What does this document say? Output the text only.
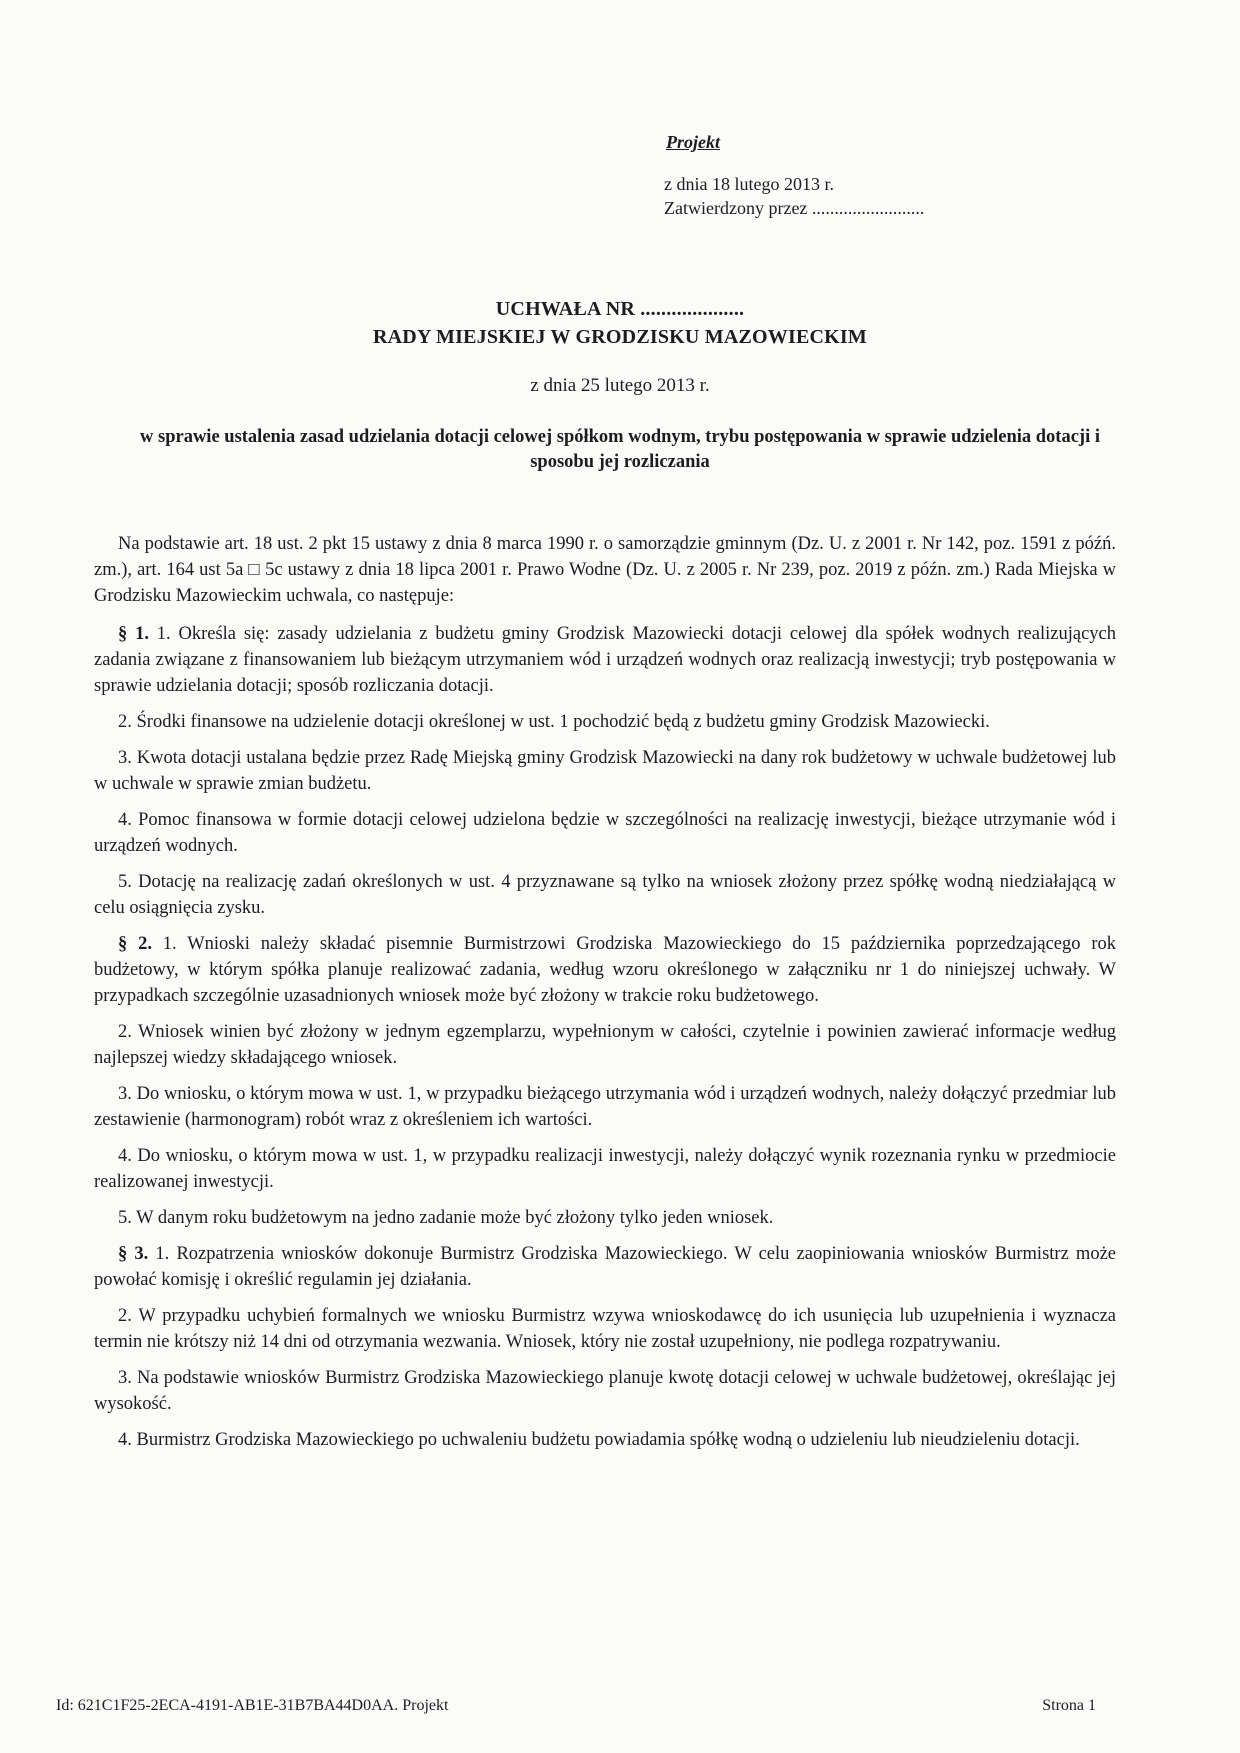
Projekt
z dnia 18 lutego 2013 r.
Zatwierdzony przez .........................
UCHWAŁA NR ....................
RADY MIEJSKIEJ W GRODZISKU MAZOWIECKIM
z dnia 25 lutego 2013 r.
w sprawie ustalenia zasad udzielania dotacji celowej spółkom wodnym, trybu postępowania w sprawie udzielenia dotacji i sposobu jej rozliczania

Na podstawie art. 18 ust. 2 pkt 15 ustawy z dnia 8 marca 1990 r. o samorządzie gminnym (Dz. U. z 2001 r. Nr 142, poz. 1591 z późń. zm.), art. 164 ust 5a □ 5c ustawy z dnia 18 lipca 2001 r. Prawo Wodne (Dz. U. z 2005 r. Nr 239, poz. 2019 z późn. zm.) Rada Miejska w Grodzisku Mazowieckim uchwala, co następuje:

§ 1. 1. Określa się: zasady udzielania z budżetu gminy Grodzisk Mazowiecki dotacji celowej dla spółek wodnych realizujących zadania związane z finansowaniem lub bieżącym utrzymaniem wód i urządzeń wodnych oraz realizacją inwestycji; tryb postępowania w sprawie udzielania dotacji; sposób rozliczania dotacji.

2. Środki finansowe na udzielenie dotacji określonej w ust. 1 pochodzić będą z budżetu gminy Grodzisk Mazowiecki.

3. Kwota dotacji ustalana będzie przez Radę Miejską gminy Grodzisk Mazowiecki na dany rok budżetowy w uchwale budżetowej lub w uchwale w sprawie zmian budżetu.

4. Pomoc finansowa w formie dotacji celowej udzielona będzie w szczególności na realizację inwestycji, bieżące utrzymanie wód i urządzeń wodnych.

5. Dotację na realizację zadań określonych w ust. 4 przyznawane są tylko na wniosek złożony przez spółkę wodną niedziałającą w celu osiągnięcia zysku.

§ 2. 1. Wnioski należy składać pisemnie Burmistrzowi Grodziska Mazowieckiego do 15 października poprzedzającego rok budżetowy, w którym spółka planuje realizować zadania, według wzoru określonego w załączniku nr 1 do niniejszej uchwały. W przypadkach szczególnie uzasadnionych wniosek może być złożony w trakcie roku budżetowego.

2. Wniosek winien być złożony w jednym egzemplarzu, wypełnionym w całości, czytelnie i powinien zawierać informacje według najlepszej wiedzy składającego wniosek.

3. Do wniosku, o którym mowa w ust. 1, w przypadku bieżącego utrzymania wód i urządzeń wodnych, należy dołączyć przedmiar lub zestawienie (harmonogram) robót wraz z określeniem ich wartości.

4. Do wniosku, o którym mowa w ust. 1, w przypadku realizacji inwestycji, należy dołączyć wynik rozeznania rynku w przedmiocie realizowanej inwestycji.

5. W danym roku budżetowym na jedno zadanie może być złożony tylko jeden wniosek.

§ 3. 1. Rozpatrzenia wniosków dokonuje Burmistrz Grodziska Mazowieckiego. W celu zaopiniowania wniosków Burmistrz może powołać komisję i określić regulamin jej działania.

2. W przypadku uchybień formalnych we wniosku Burmistrz wzywa wnioskodawcę do ich usunięcia lub uzupełnienia i wyznacza termin nie krótszy niż 14 dni od otrzymania wezwania. Wniosek, który nie został uzupełniony, nie podlega rozpatrywaniu.

3. Na podstawie wniosków Burmistrz Grodziska Mazowieckiego planuje kwotę dotacji celowej w uchwale budżetowej, określając jej wysokość.

4. Burmistrz Grodziska Mazowieckiego po uchwaleniu budżetu powiadamia spółkę wodną o udzieleniu lub nieudzieleniu dotacji.

Id: 621C1F25-2ECA-4191-AB1E-31B7BA44D0AA. Projekt	Strona 1
